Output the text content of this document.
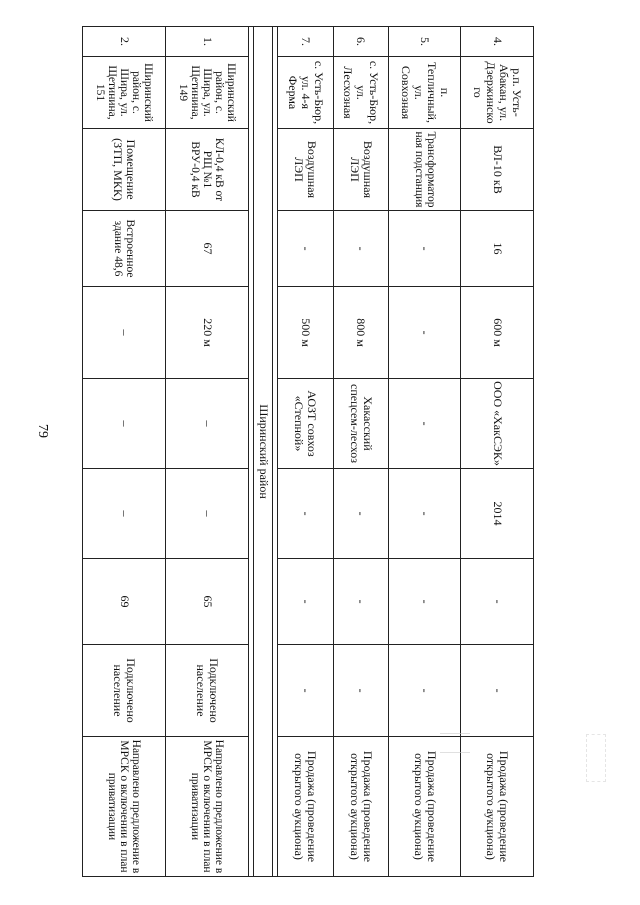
79
4.	р.п. Усть-Абакан, ул. Дзержинского	ВЛ-10 кВ	16	600 м	ООО «ХакСЭК»	2014	-	-	Продажа (проведение открытого аукциона)
5.	п. Тепличный, ул. Совхозная	Трансформаторная подстанция	-	-	-	-	-	-	Продажа (проведение открытого аукциона)
6.	с. Усть-Бюр, ул. Лесхозная	Воздушная ЛЭП	-	800 м	Хакасский спецсем-лесхоз	-	-	-	Продажа (проведение открытого аукциона)
7.	с. Усть-Бюр, ул. 4-я Ферма	Воздушная ЛЭП	-	500 м	АОЗТ совхоз «Степной»	-	-	-	Продажа (проведение открытого аукциона)

Ширинский район									

1.	Ширинский район, с. Шира, ул. Щетинина, 149	КЛ-0,4 кВ от РЩ №1 ВРУ-0,4 кВ	67	220 м	–	–	65	Подключено население	Направлено предложение в МРСК о включении в план приватизации
2.	Ширинский район, с. Шира, ул. Щетинина, 151	Помещение (ЗТП, МКК)	Встроенное здание 48,6	–	–	–	69	Подключено население	Направлено предложение в МРСК о включении в план приватизации
